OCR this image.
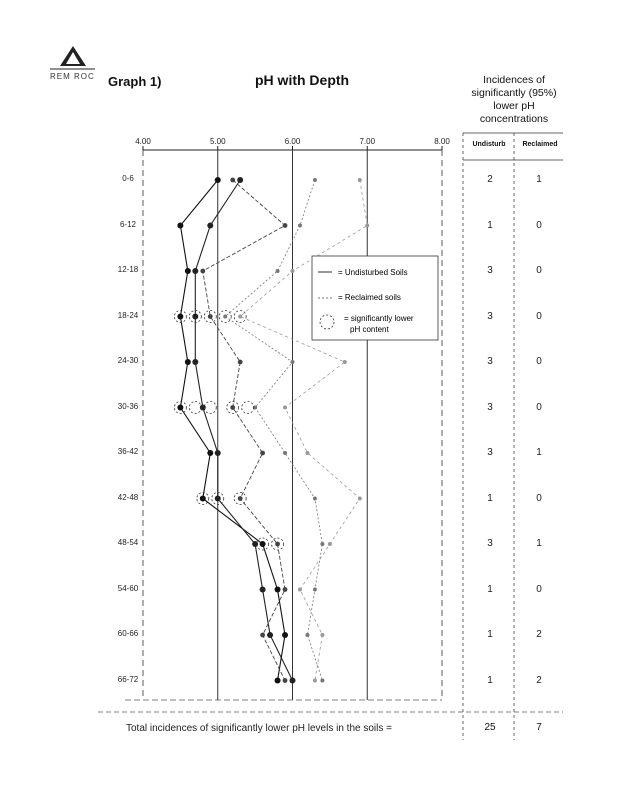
4.00	5.00	6.00	7.00	8.00
= Undisturbed Soils
= Reclaimed soils
= significantly lower pH content
REM ROC Graph 1)	pH with Depth	Incidences of significantly (95%) lower pH concentrations
Undisturb	Reclaimed
0-6	2	1
6-12	1	0
12-18	3	0
18-24	3	0
24-30	3	0
30-36	3	0
36-42	3	1
42-48	1	0
48-54	3	1
54-60	1	0
60-66	1	2
66-72	1	2
Total incidences of significantly lower pH levels in the soils =	25	7
